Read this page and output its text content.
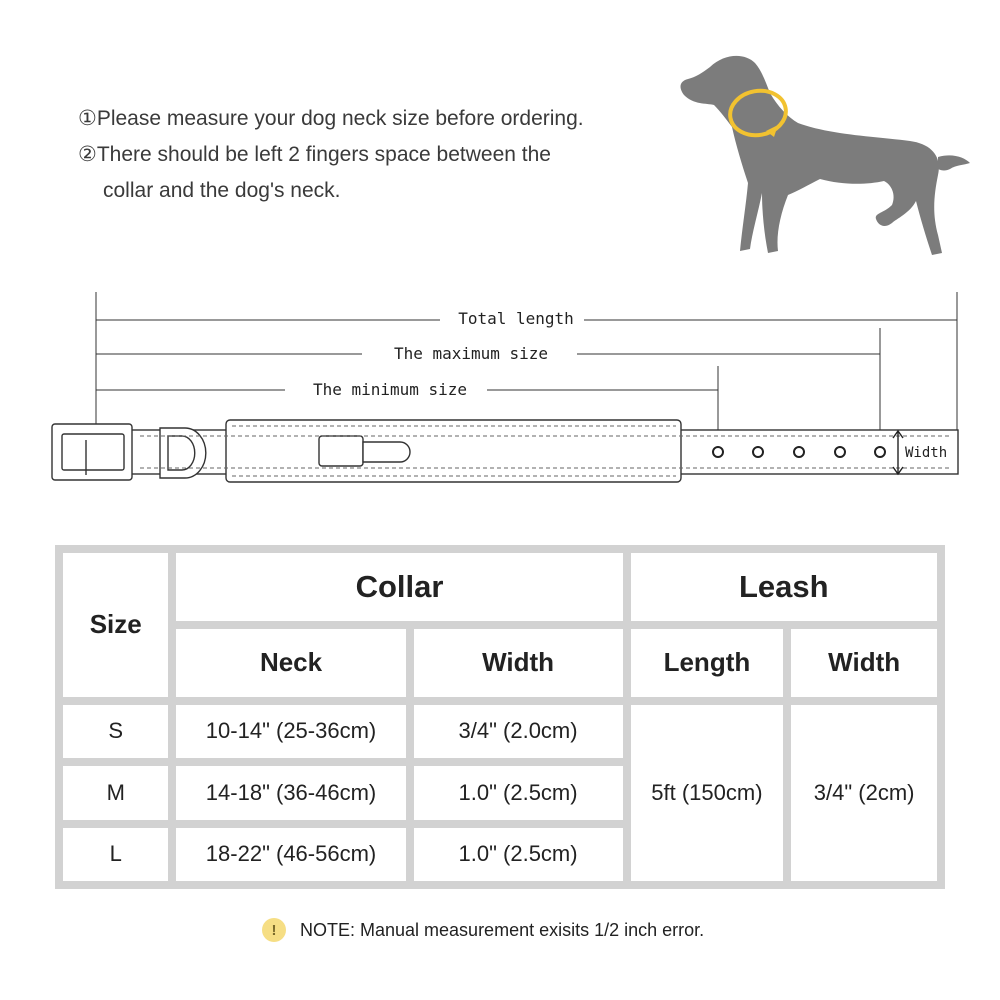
①Please measure your dog neck size before ordering.
②There should be left 2 fingers space between the
collar and the dog's neck.
Total length
The maximum size
The minimum size
Width
Size	Collar		Leash	
	Neck	Width	Length	Width
S	10-14" (25-36cm)	3/4" (2.0cm)	5ft (150cm)	3/4" (2cm)
M	14-18" (36-46cm)	1.0" (2.5cm)		
L	18-22" (46-56cm)	1.0" (2.5cm)		
!	NOTE: Manual measurement exisits 1/2 inch error.
